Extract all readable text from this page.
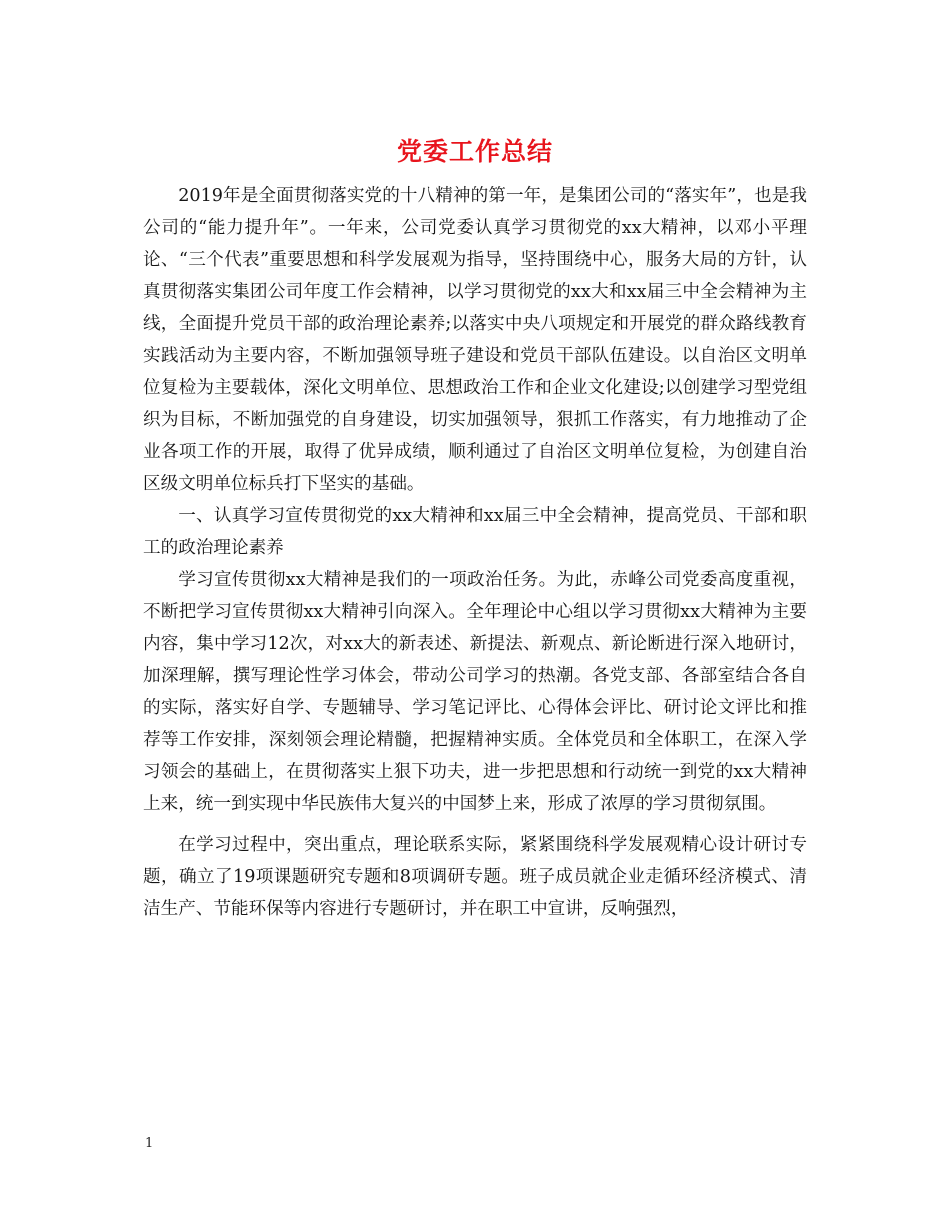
党委工作总结

2019年是全面贯彻落实党的十八精神的第一年，是集团公司的“落实年”，也是我公司的“能力提升年”。一年来，公司党委认真学习贯彻党的xx大精神，以邓小平理论、“三个代表”重要思想和科学发展观为指导，坚持围绕中心，服务大局的方针，认真贯彻落实集团公司年度工作会精神，以学习贯彻党的xx大和xx届三中全会精神为主线，全面提升党员干部的政治理论素养;以落实中央八项规定和开展党的群众路线教育实践活动为主要内容，不断加强领导班子建设和党员干部队伍建设。以自治区文明单位复检为主要载体，深化文明单位、思想政治工作和企业文化建设;以创建学习型党组织为目标，不断加强党的自身建设，切实加强领导，狠抓工作落实，有力地推动了企业各项工作的开展，取得了优异成绩，顺利通过了自治区文明单位复检，为创建自治区级文明单位标兵打下坚实的基础。

一、认真学习宣传贯彻党的xx大精神和xx届三中全会精神，提高党员、干部和职工的政治理论素养

学习宣传贯彻xx大精神是我们的一项政治任务。为此，赤峰公司党委高度重视，不断把学习宣传贯彻xx大精神引向深入。全年理论中心组以学习贯彻xx大精神为主要内容，集中学习12次，对xx大的新表述、新提法、新观点、新论断进行深入地研讨，加深理解，撰写理论性学习体会，带动公司学习的热潮。各党支部、各部室结合各自的实际，落实好自学、专题辅导、学习笔记评比、心得体会评比、研讨论文评比和推荐等工作安排，深刻领会理论精髓，把握精神实质。全体党员和全体职工，在深入学习领会的基础上，在贯彻落实上狠下功夫，进一步把思想和行动统一到党的xx大精神上来，统一到实现中华民族伟大复兴的中国梦上来，形成了浓厚的学习贯彻氛围。

在学习过程中，突出重点，理论联系实际，紧紧围绕科学发展观精心设计研讨专题，确立了19项课题研究专题和8项调研专题。班子成员就企业走循环经济模式、清洁生产、节能环保等内容进行专题研讨，并在职工中宣讲，反响强烈，

1
